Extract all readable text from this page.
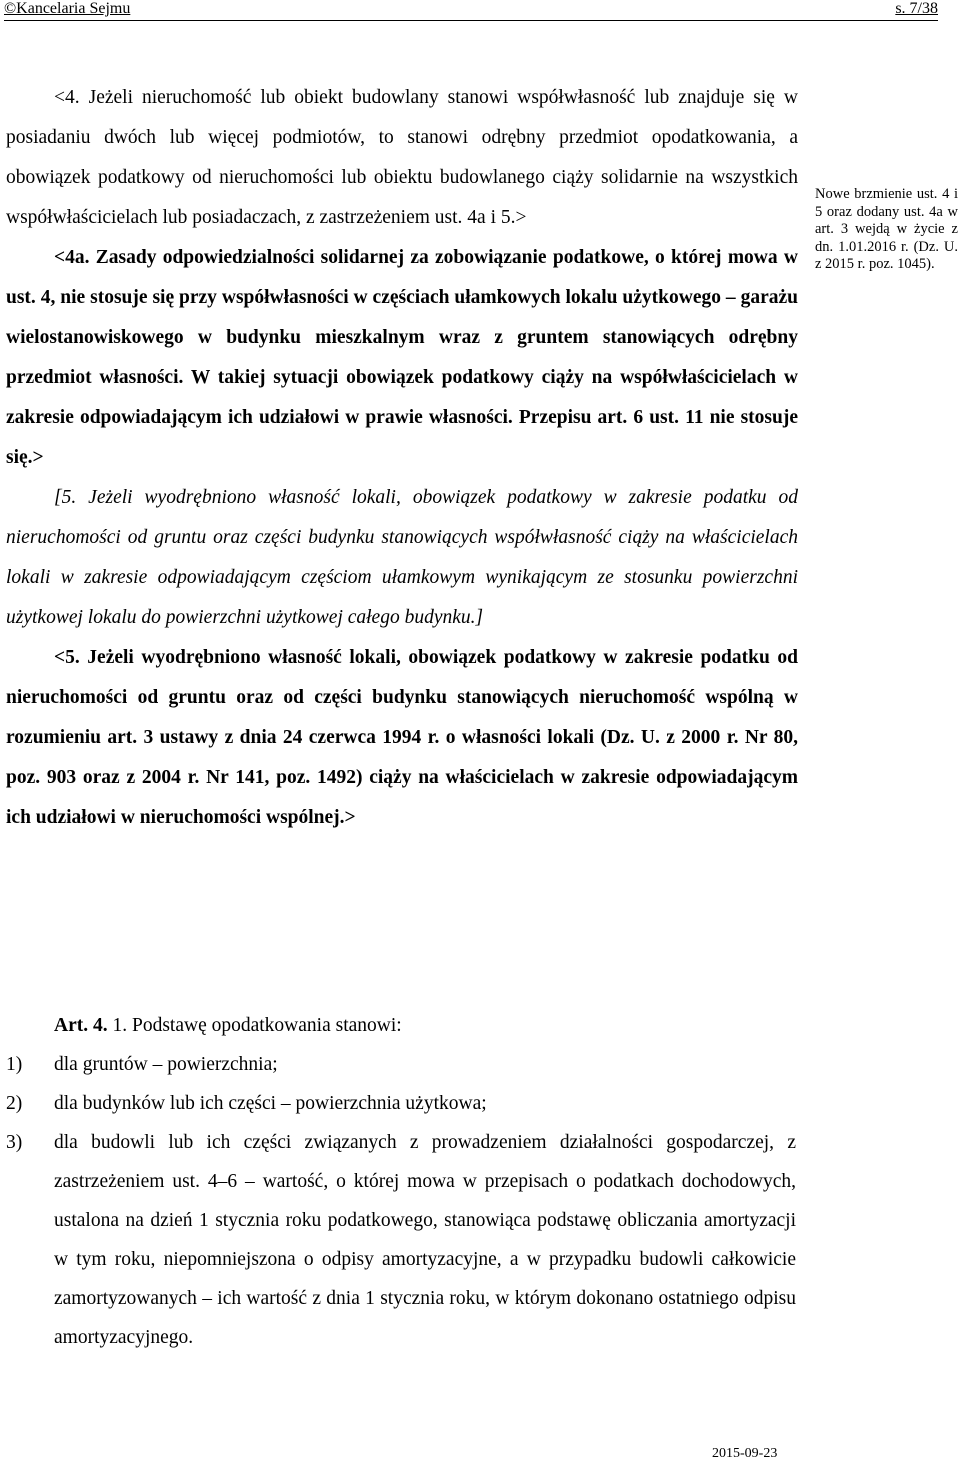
©Kancelaria Sejmu	s. 7/38

<4. Jeżeli nieruchomość lub obiekt budowlany stanowi współwłasność lub znajduje się w posiadaniu dwóch lub więcej podmiotów, to stanowi odrębny przedmiot opodatkowania, a obowiązek podatkowy od nieruchomości lub obiektu budowlanego ciąży solidarnie na wszystkich współwłaścicielach lub posiadaczach, z zastrzeżeniem ust. 4a i 5.>

<4a. Zasady odpowiedzialności solidarnej za zobowiązanie podatkowe, o której mowa w ust. 4, nie stosuje się przy współwłasności w częściach ułamkowych lokalu użytkowego – garażu wielostanowiskowego w budynku mieszkalnym wraz z gruntem stanowiących odrębny przedmiot własności. W takiej sytuacji obowiązek podatkowy ciąży na współwłaścicielach w zakresie odpowiadającym ich udziałowi w prawie własności. Przepisu art. 6 ust. 11 nie stosuje się.>

[5. Jeżeli wyodrębniono własność lokali, obowiązek podatkowy w zakresie podatku od nieruchomości od gruntu oraz części budynku stanowiących współwłasność ciąży na właścicielach lokali w zakresie odpowiadającym częściom ułamkowym wynikającym ze stosunku powierzchni użytkowej lokalu do powierzchni użytkowej całego budynku.]

<5. Jeżeli wyodrębniono własność lokali, obowiązek podatkowy w zakresie podatku od nieruchomości od gruntu oraz od części budynku stanowiących nieruchomość wspólną w rozumieniu art. 3 ustawy z dnia 24 czerwca 1994 r. o własności lokali (Dz. U. z 2000 r. Nr 80, poz. 903 oraz z 2004 r. Nr 141, poz. 1492) ciąży na właścicielach w zakresie odpowiadającym ich udziałowi w nieruchomości wspólnej.>

Nowe brzmienie ust. 4 i 5 oraz dodany ust. 4a w art. 3 wejdą w życie z dn. 1.01.2016 r. (Dz. U. z 2015 r. poz. 1045).
Art. 4. 1. Podstawę opodatkowania stanowi:
1) dla gruntów – powierzchnia;
2) dla budynków lub ich części – powierzchnia użytkowa;
3) dla budowli lub ich części związanych z prowadzeniem działalności gospodarczej, z zastrzeżeniem ust. 4–6 – wartość, o której mowa w przepisach o podatkach dochodowych, ustalona na dzień 1 stycznia roku podatkowego, stanowiąca podstawę obliczania amortyzacji w tym roku, niepomniejszona o odpisy amortyzacyjne, a w przypadku budowli całkowicie zamortyzowanych – ich wartość z dnia 1 stycznia roku, w którym dokonano ostatniego odpisu amortyzacyjnego.
2015-09-23
